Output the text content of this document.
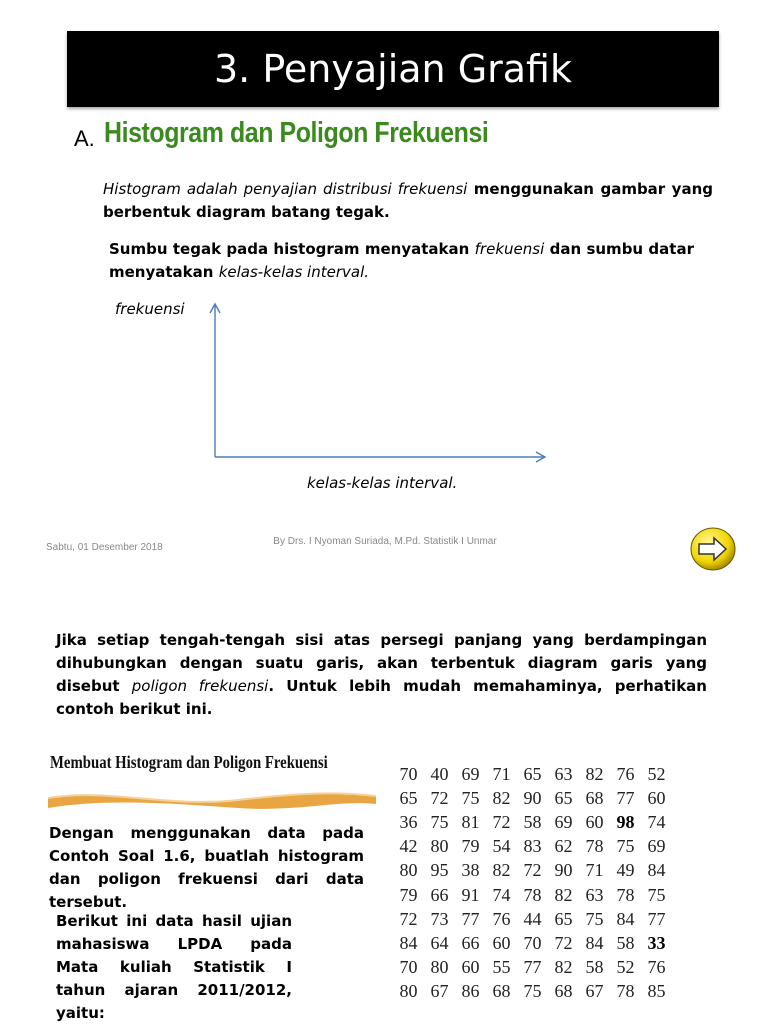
3. Penyajian Grafik
A. Histogram dan Poligon Frekuensi
Histogram adalah penyajian distribusi frekuensi menggunakan gambar yang berbentuk diagram batang tegak.
Sumbu tegak pada histogram menyatakan frekuensi dan sumbu datar menyatakan kelas-kelas interval.
frekuensi
kelas-kelas interval.
Sabtu, 01 Desember 2018
By Drs. I Nyoman Suriada, M.Pd. Statistik I Unmar
Jika setiap tengah-tengah sisi atas persegi panjang yang berdampingan dihubungkan dengan suatu garis, akan terbentuk diagram garis yang disebut poligon frekuensi. Untuk lebih mudah memahaminya, perhatikan contoh berikut ini.
Membuat Histogram dan Poligon Frekuensi
Dengan menggunakan data pada Contoh Soal 1.6, buatlah histogram dan poligon frekuensi dari data tersebut.
Berikut ini data hasil ujian mahasiswa LPDA pada Mata kuliah Statistik I tahun ajaran 2011/2012, yaitu:
70	40	69	71	65	63	82	76	52
65	72	75	82	90	65	68	77	60
36	75	81	72	58	69	60	98	74
42	80	79	54	83	62	78	75	69
80	95	38	82	72	90	71	49	84
79	66	91	74	78	82	63	78	75
72	73	77	76	44	65	75	84	77
84	64	66	60	70	72	84	58	33
70	80	60	55	77	82	58	52	76
80	67	86	68	75	68	67	78	85
